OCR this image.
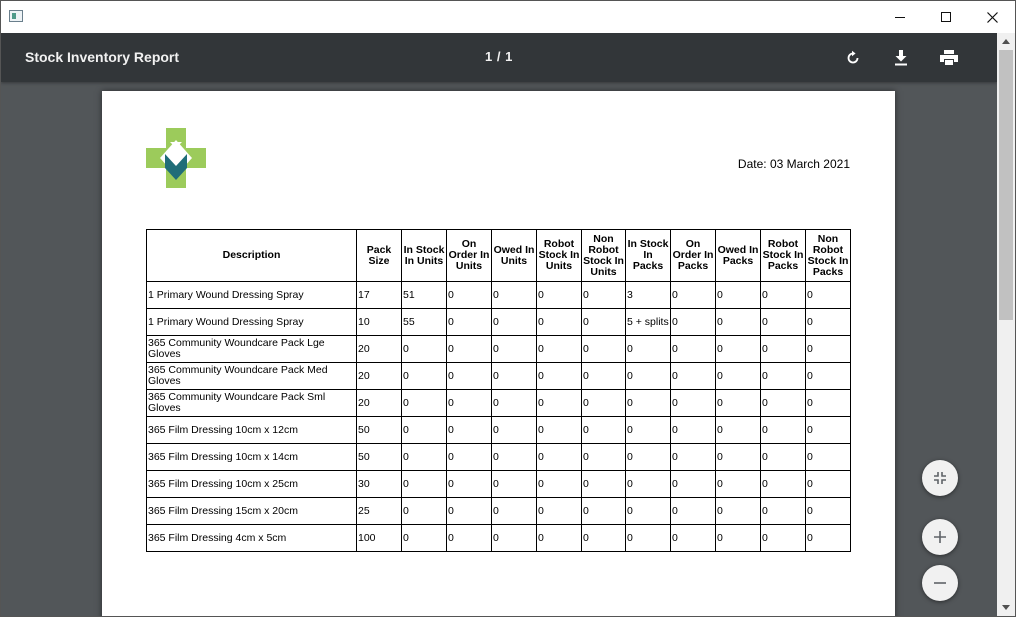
Stock Inventory Report	1 / 1
Date: 03 March 2021
Description	Pack Size	In Stock In Units	On Order In Units	Owed In Units	Robot Stock In Units	Non Robot Stock In Units	In Stock In Packs	On Order In Packs	Owed In Packs	Robot Stock In Packs	Non Robot Stock In Packs
1 Primary Wound Dressing Spray	17	51	0	0	0	0	3	0	0	0	0
1 Primary Wound Dressing Spray	10	55	0	0	0	0	5 + splits	0	0	0	0
365 Community Woundcare Pack Lge Gloves	20	0	0	0	0	0	0	0	0	0	0
365 Community Woundcare Pack Med Gloves	20	0	0	0	0	0	0	0	0	0	0
365 Community Woundcare Pack Sml Gloves	20	0	0	0	0	0	0	0	0	0	0
365 Film Dressing 10cm x 12cm	50	0	0	0	0	0	0	0	0	0	0
365 Film Dressing 10cm x 14cm	50	0	0	0	0	0	0	0	0	0	0
365 Film Dressing 10cm x 25cm	30	0	0	0	0	0	0	0	0	0	0
365 Film Dressing 15cm x 20cm	25	0	0	0	0	0	0	0	0	0	0
365 Film Dressing 4cm x 5cm	100	0	0	0	0	0	0	0	0	0	0
